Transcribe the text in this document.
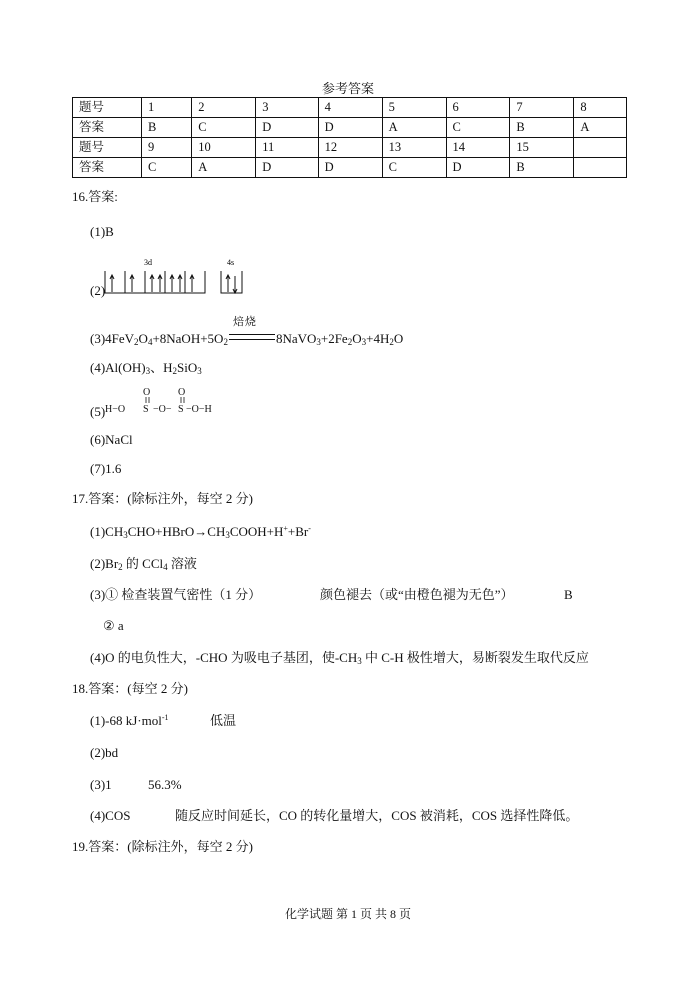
参考答案
题号	1	2	3	4	5	6	7	8
答案	B	C	D	D	A	C	B	A
题号	9	10	11	12	13	14	15	
答案	C	A	D	D	C	D	B	
16.答案:
(1)B
(2)
3d	4s
$(3)4FeV_2O_4+8NaOH+5O_2$
焙烧
$8NaVO_3+2Fe_2O_3+4H_2O$
$(4)Al(OH)_3$、$H_2SiO_3$
(5) H−O S −O− S −O−H
O	O
(6)NaCl
(7)1.6
17.答案：(除标注外，每空 2 分)
$(1)CH_3CHO+HBrO\to CH_3COOH+H^++Br^-$
$(2)Br_2$ 的 CCl$_4$ 溶液
(3)① 检查装置气密性（1 分）	颜色褪去（或“由橙色褪为无色”）	B
② a
(4)O 的电负性大，-CHO 为吸电子基团，使$-CH_3$ 中 C-H 极性增大，易断裂发生取代反应
18.答案：(每空 2 分)
(1)-68 kJ·mol$^{-1}$	低温
(2)bd
(3)1	56.3%
(4)COS	随反应时间延长，CO 的转化量增大，COS 被消耗，COS 选择性降低。
19.答案：(除标注外，每空 2 分)
化学试题 第 1 页 共 8 页
